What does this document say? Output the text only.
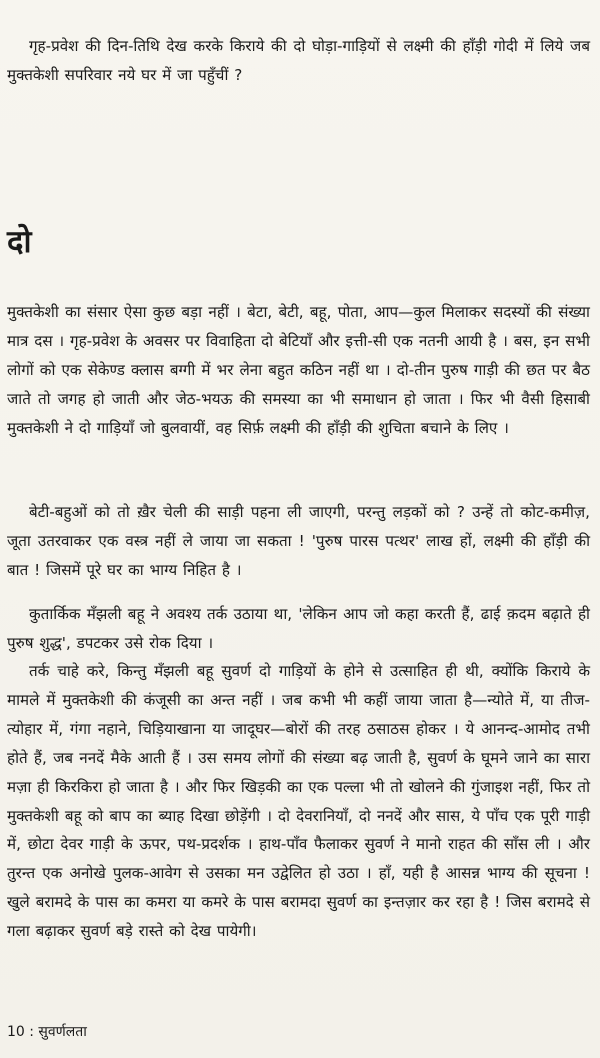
गृह-प्रवेश की दिन-तिथि देख करके किराये की दो घोड़ा-गाड़ियों से लक्ष्मी की हाँड़ी गोदी में लिये जब मुक्तकेशी सपरिवार नये घर में जा पहुँचीं ?

दो

मुक्तकेशी का संसार ऐसा कुछ बड़ा नहीं । बेटा, बेटी, बहू, पोता, आप—कुल मिलाकर सदस्यों की संख्या मात्र दस । गृह-प्रवेश के अवसर पर विवाहिता दो बेटियाँ और इत्ती-सी एक नतनी आयी है । बस, इन सभी लोगों को एक सेकेण्ड क्लास बग्गी में भर लेना बहुत कठिन नहीं था । दो-तीन पुरुष गाड़ी की छत पर बैठ जाते तो जगह हो जाती और जेठ-भयऊ की समस्या का भी समाधान हो जाता । फिर भी वैसी हिसाबी मुक्तकेशी ने दो गाड़ियाँ जो बुलवायीं, वह सिर्फ़ लक्ष्मी की हाँड़ी की शुचिता बचाने के लिए ।

बेटी-बहुओं को तो ख़ैर चेली की साड़ी पहना ली जाएगी, परन्तु लड़कों को ? उन्हें तो कोट-कमीज़, जूता उतरवाकर एक वस्त्र नहीं ले जाया जा सकता ! 'पुरुष पारस पत्थर' लाख हों, लक्ष्मी की हाँड़ी की बात ! जिसमें पूरे घर का भाग्य निहित है ।

कुतार्किक मँझली बहू ने अवश्य तर्क उठाया था, 'लेकिन आप जो कहा करती हैं, ढाई क़दम बढ़ाते ही पुरुष शुद्ध', डपटकर उसे रोक दिया ।

तर्क चाहे करे, किन्तु मँझली बहू सुवर्ण दो गाड़ियों के होने से उत्साहित ही थी, क्योंकि किराये के मामले में मुक्तकेशी की कंजूसी का अन्त नहीं । जब कभी भी कहीं जाया जाता है—न्योते में, या तीज-त्योहार में, गंगा नहाने, चिड़ियाखाना या जादूघर—बोरों की तरह ठसाठस होकर । ये आनन्द-आमोद तभी होते हैं, जब ननदें मैके आती हैं । उस समय लोगों की संख्या बढ़ जाती है, सुवर्ण के घूमने जाने का सारा मज़ा ही किरकिरा हो जाता है । और फिर खिड़की का एक पल्ला भी तो खोलने की गुंजाइश नहीं, फिर तो मुक्तकेशी बहू को बाप का ब्याह दिखा छोड़ेंगी । दो देवरानियाँ, दो ननदें और सास, ये पाँच एक पूरी गाड़ी में, छोटा देवर गाड़ी के ऊपर, पथ-प्रदर्शक । हाथ-पाँव फैलाकर सुवर्ण ने मानो राहत की साँस ली । और तुरन्त एक अनोखे पुलक-आवेग से उसका मन उद्वेलित हो उठा । हाँ, यही है आसन्न भाग्य की सूचना ! खुले बरामदे के पास का कमरा या कमरे के पास बरामदा सुवर्ण का इन्तज़ार कर रहा है ! जिस बरामदे से गला बढ़ाकर सुवर्ण बड़े रास्ते को देख पायेगी।

10 : सुवर्णलता
